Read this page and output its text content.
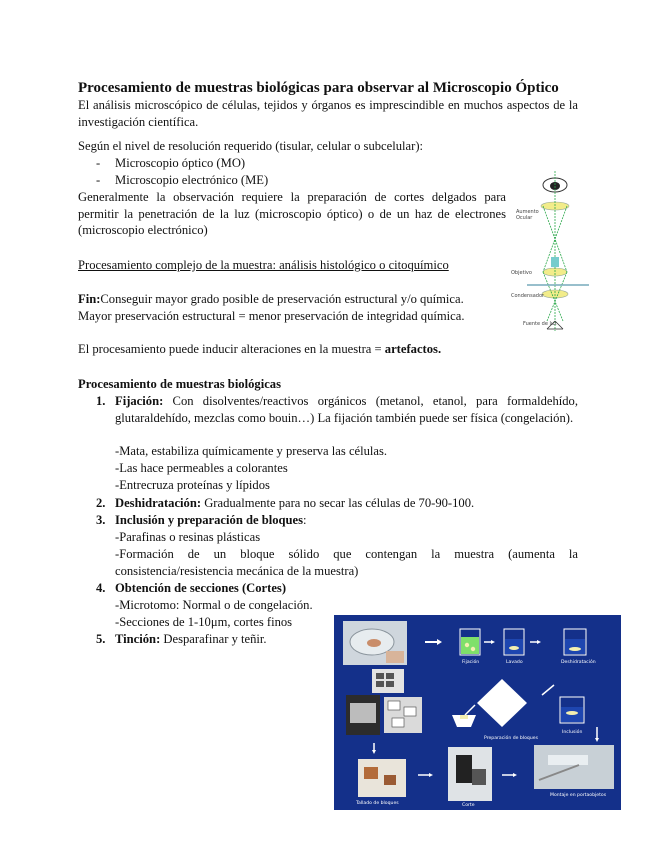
Procesamiento de muestras biológicas para observar al Microscopio Óptico
El análisis microscópico de células, tejidos y órganos es imprescindible en muchos aspectos de la investigación científica.
Según el nivel de resolución requerido (tisular, celular o subcelular):
- Microscopio óptico (MO)
- Microscopio electrónico (ME)
Generalmente la observación requiere la preparación de cortes delgados para permitir la penetración de la luz (microscopio óptico) o de un haz de electrones (microscopio electrónico)
Procesamiento complejo de la muestra: análisis histológico o citoquímico
Fin:Conseguir mayor grado posible de preservación estructural y/o química.
Mayor preservación estructural = menor preservación de integridad química.
El procesamiento puede inducir alteraciones en la muestra = artefactos.
Procesamiento de muestras biológicas
1. Fijación: Con disolventes/reactivos orgánicos (metanol, etanol, para formaldehído, glutaraldehído, mezclas como bouin…) La fijación también puede ser física (congelación).
-Mata, estabiliza químicamente y preserva las células.
-Las hace permeables a colorantes
-Entrecruza proteínas y lípidos
2. Deshidratación: Gradualmente para no secar las células de 70-90-100.
3. Inclusión y preparación de bloques:
-Parafinas o resinas plásticas
-Formación de un bloque sólido que contengan la muestra (aumenta la consistencia/resistencia mecánica de la muestra)
4. Obtención de secciones (Cortes)
-Microtomo: Normal o de congelación.
-Secciones de 1-10μm, cortes finos
5. Tinción: Desparafinar y teñir.
Aumento
Ocular
Objetivo
Condensador
Fuente de luz
Fijación	Lavado	Deshidratación
Preparación de bloques
Inclusión
Tallado de bloques	Corte
Montaje en portaobjetos
